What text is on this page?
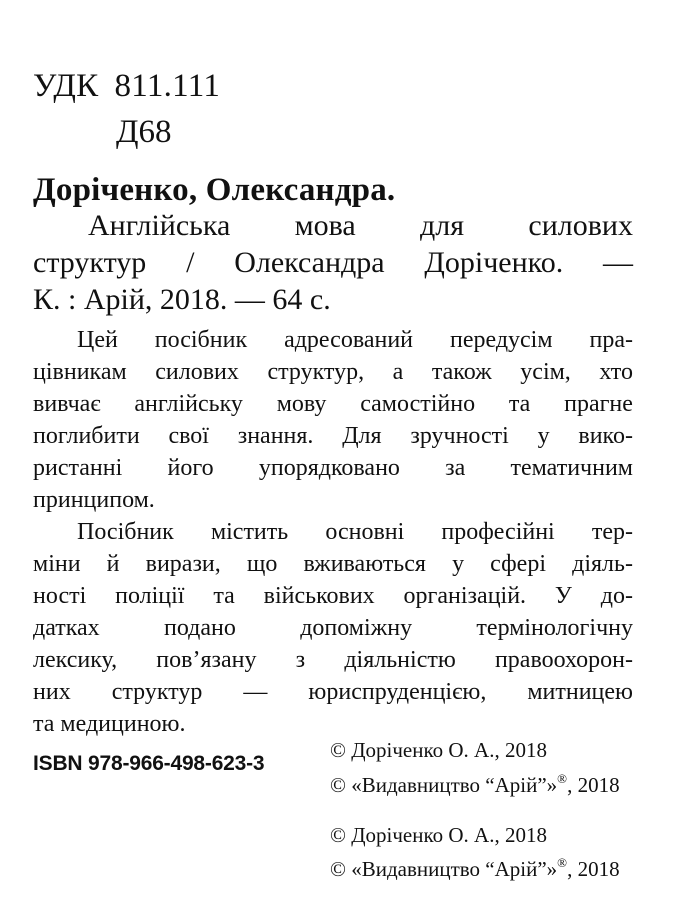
УДК 811.111
Д68
Доріченко, Олександра.
Англійська мова для силових
структур / Олександра Доріченко. —
К. : Арій, 2018. — 64 с.
Цей посібник адресований передусім пра-
цівникам силових структур, а також усім, хто
вивчає англійську мову самостійно та прагне
поглибити свої знання. Для зручності у вико-
ристанні його упорядковано за тематичним
принципом.
Посібник містить основні професійні тер-
міни й вирази, що вживаються у сфері діяль-
ності поліції та військових організацій. У до-
датках	подано	допоміжну	термінологічну
лексику, пов’язану з діяльністю правоохорон-
них структур — юриспруденцією, митницею
та медициною.
ISBN 978-966-498-623-3
© Доріченко О. А., 2018
© «Видавництво “Арій”»®, 2018
© Доріченко О. А., 2018
© «Видавництво “Арій”»®, 2018
